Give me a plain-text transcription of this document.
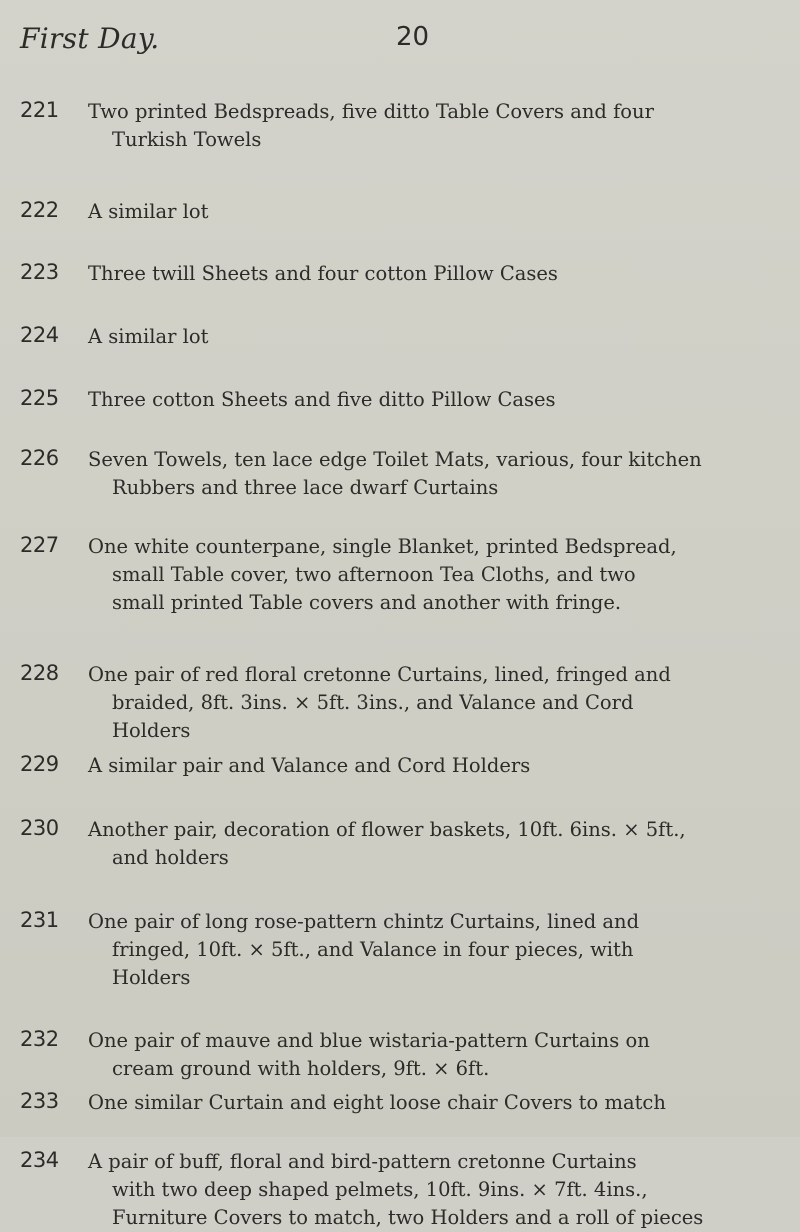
First Day.	20
221 Two printed Bedspreads, five ditto Table Covers and four
Turkish Towels
222 A similar lot
223 Three twill Sheets and four cotton Pillow Cases
224 A similar lot
225 Three cotton Sheets and five ditto Pillow Cases
226 Seven Towels, ten lace edge Toilet Mats, various, four kitchen
Rubbers and three lace dwarf Curtains
227 One white counterpane, single Blanket, printed Bedspread,
small Table cover, two afternoon Tea Cloths, and two
small printed Table covers and another with fringe.
228 One pair of red floral cretonne Curtains, lined, fringed and
braided, 8ft. 3ins. × 5ft. 3ins., and Valance and Cord
Holders
229 A similar pair and Valance and Cord Holders
230 Another pair, decoration of flower baskets, 10ft. 6ins. × 5ft.,
and holders
231 One pair of long rose-pattern chintz Curtains, lined and
fringed, 10ft. × 5ft., and Valance in four pieces, with
Holders
232 One pair of mauve and blue wistaria-pattern Curtains on
cream ground with holders, 9ft. × 6ft.
233 One similar Curtain and eight loose chair Covers to match
234 A pair of buff, floral and bird-pattern cretonne Curtains
with two deep shaped pelmets, 10ft. 9ins. × 7ft. 4ins.,
Furniture Covers to match, two Holders and a roll of pieces
